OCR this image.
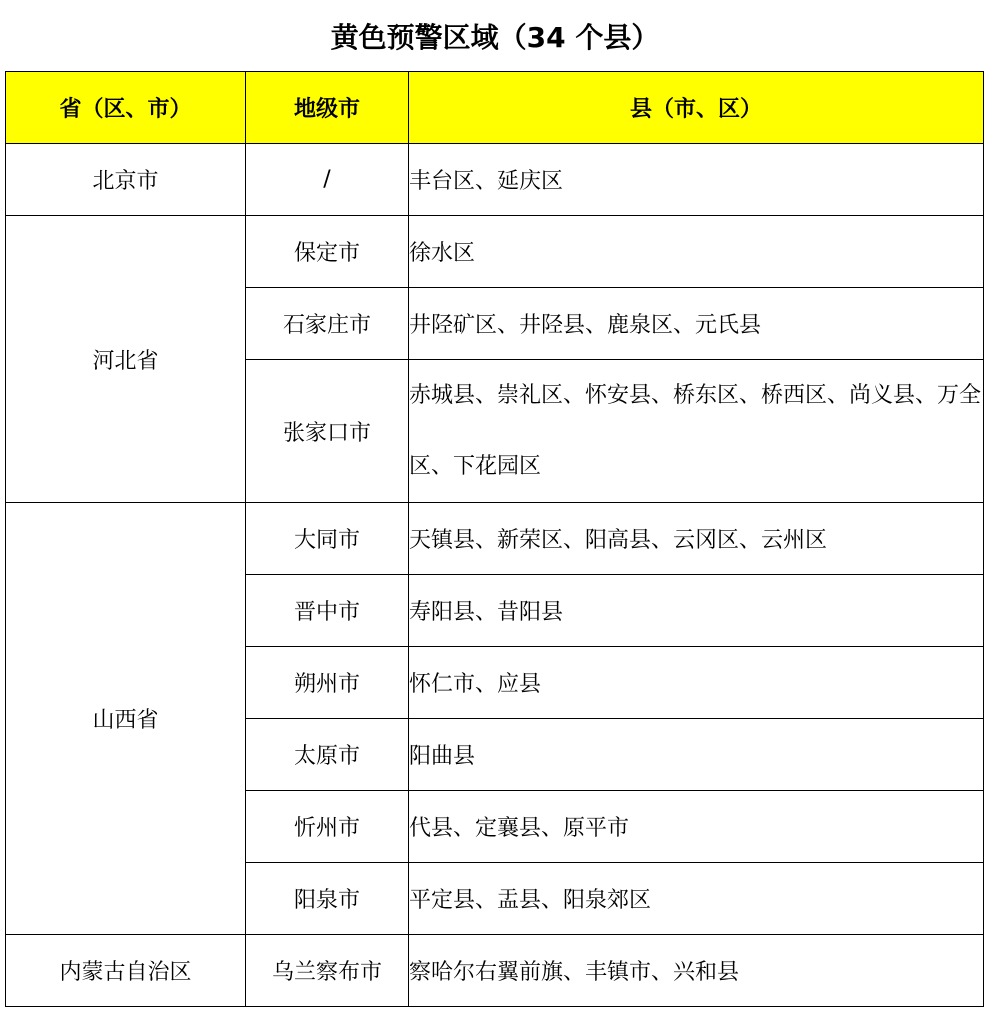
黄色预警区域（34 个县）
省（区、市）	地级市	县（市、区）
北京市	/	丰台区、延庆区
河北省	保定市	徐水区
	石家庄市	井陉矿区、井陉县、鹿泉区、元氏县
	张家口市	赤城县、崇礼区、怀安县、桥东区、桥西区、尚义县、万全区、下花园区
山西省	大同市	天镇县、新荣区、阳高县、云冈区、云州区
	晋中市	寿阳县、昔阳县
	朔州市	怀仁市、应县
	太原市	阳曲县
	忻州市	代县、定襄县、原平市
	阳泉市	平定县、盂县、阳泉郊区
内蒙古自治区	乌兰察布市	察哈尔右翼前旗、丰镇市、兴和县
